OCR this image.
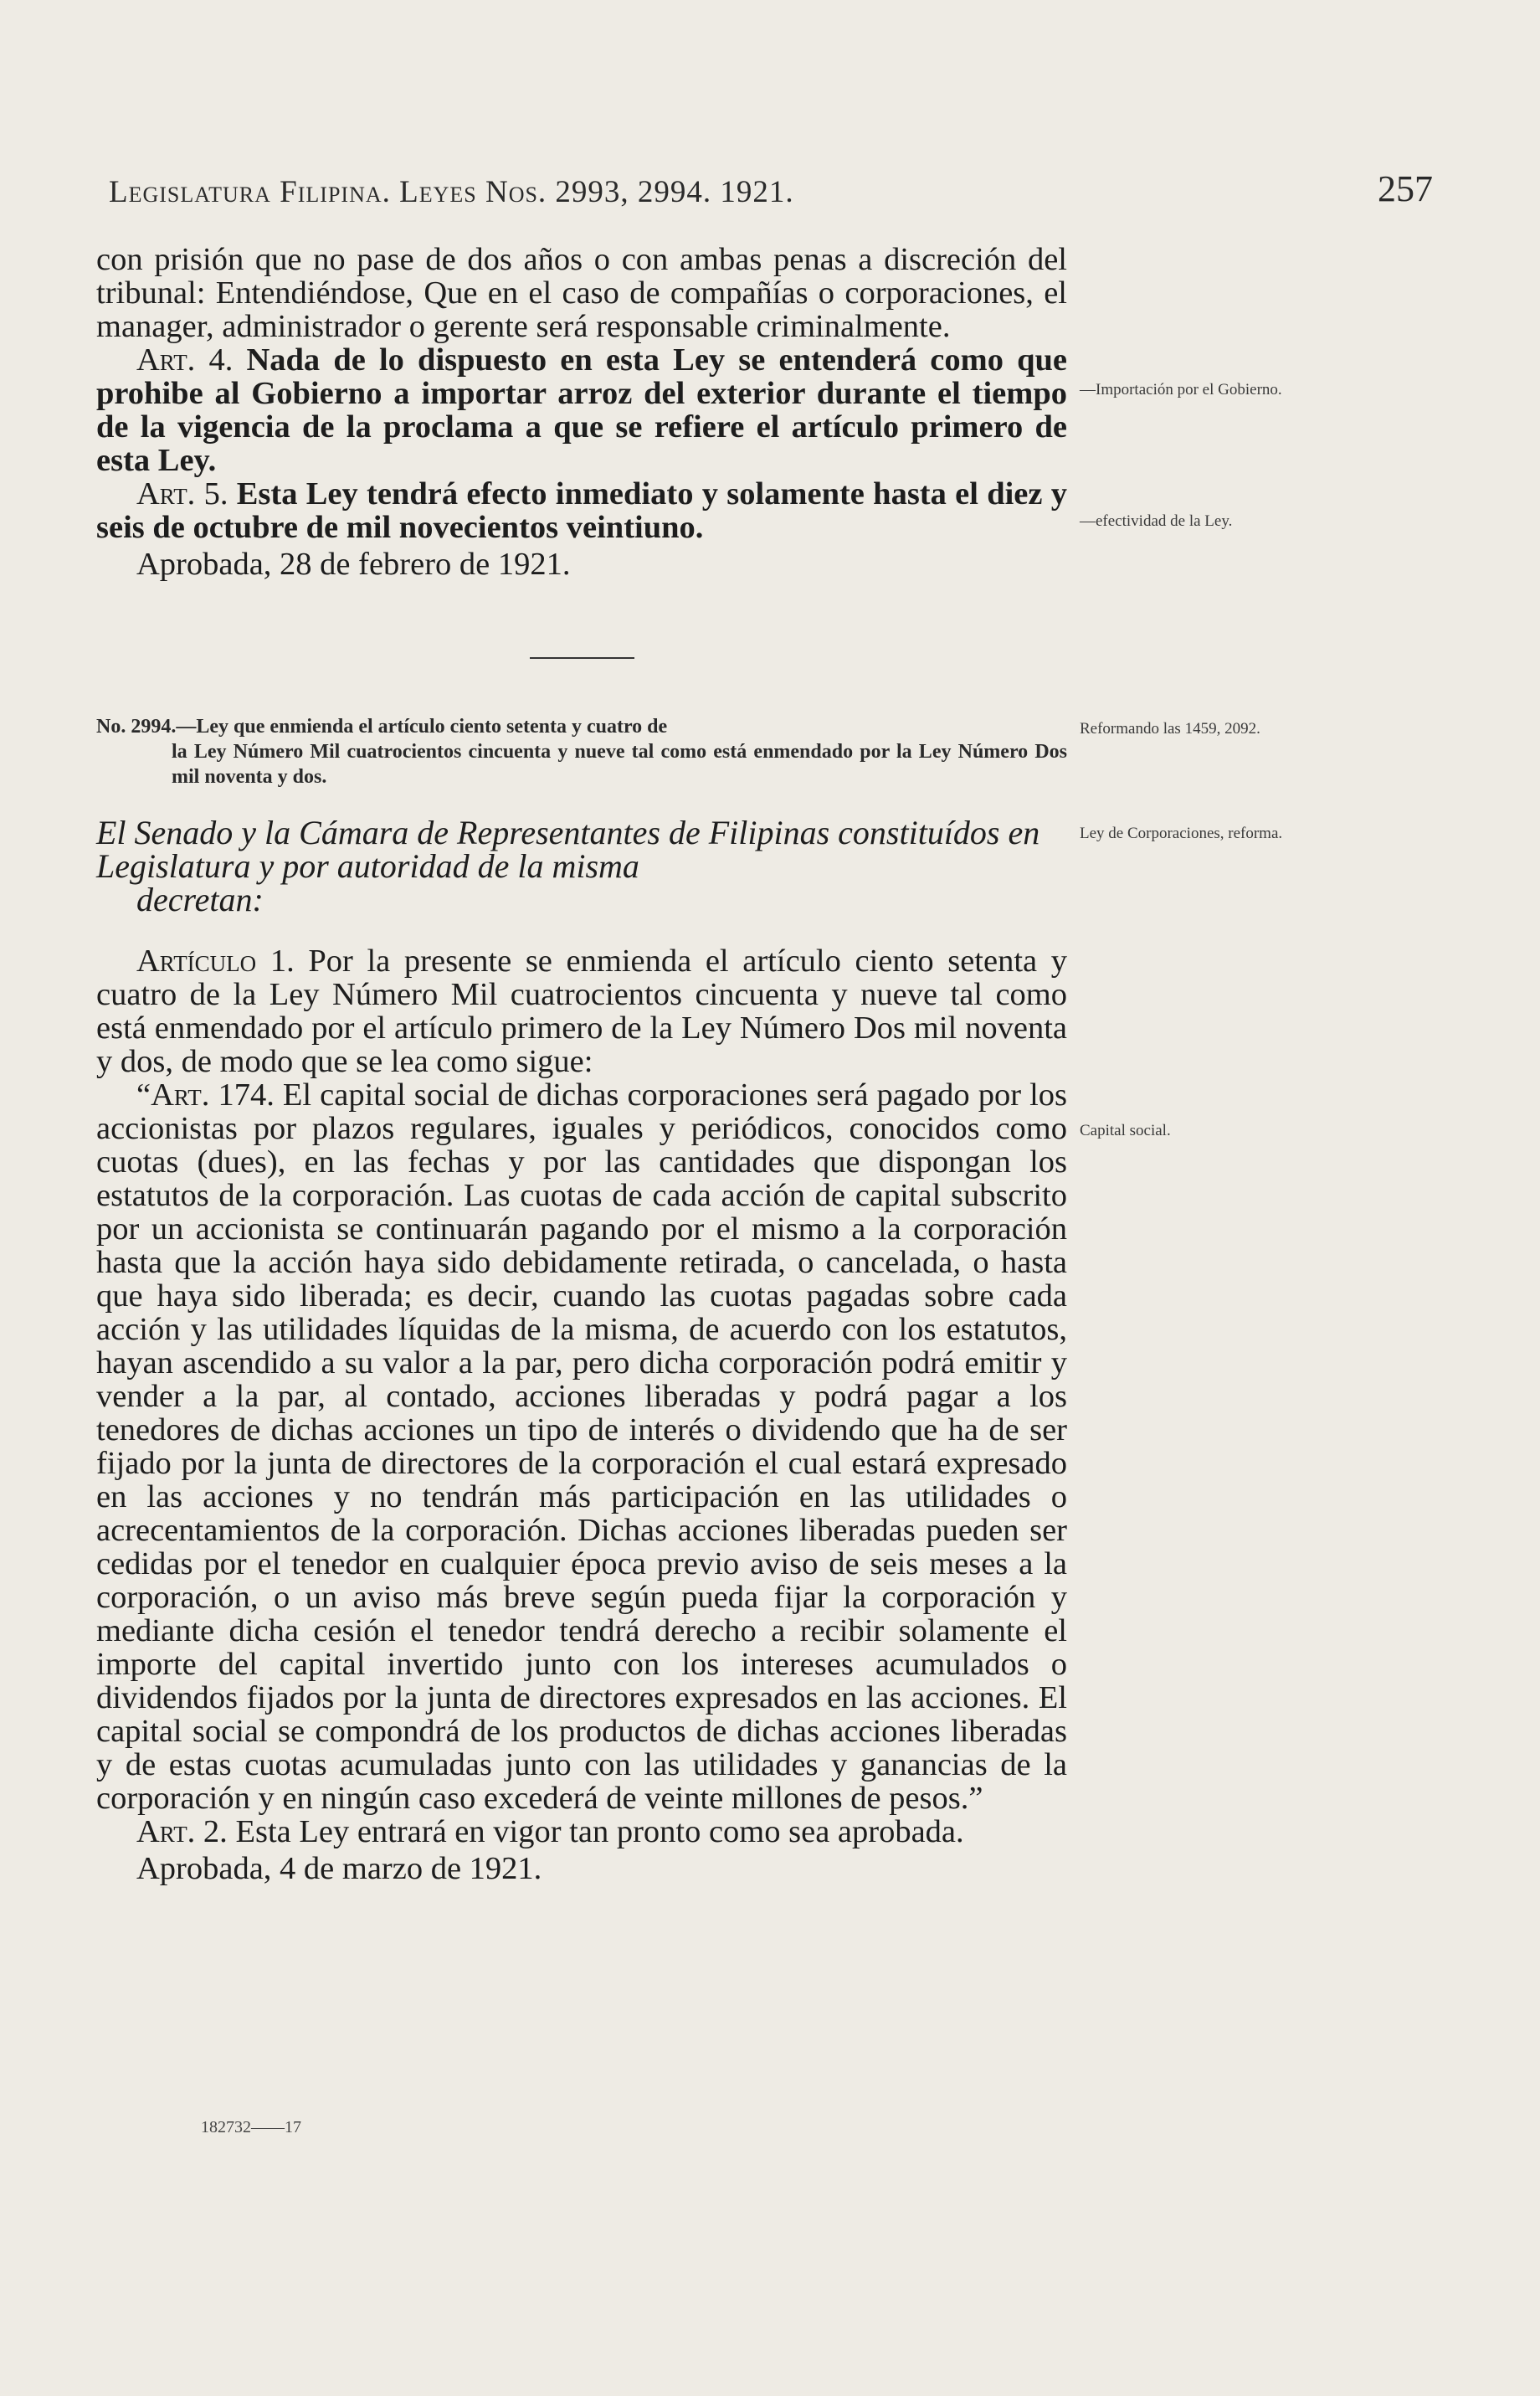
Legislatura Filipina. Leyes Nos. 2993, 2994. 1921.	257

con prisión que no pase de dos años o con ambas penas a discreción del tribunal: Entendiéndose, Que en el caso de compañías o corporaciones, el manager, administrador o gerente será responsable criminalmente.

Art. 4. Nada de lo dispuesto en esta Ley se entenderá como que prohibe al Gobierno a importar arroz del exterior durante el tiempo de la vigencia de la proclama a que se refiere el artículo primero de esta Ley.

Art. 5. Esta Ley tendrá efecto inmediato y solamente hasta el diez y seis de octubre de mil novecientos veintiuno.

Aprobada, 28 de febrero de 1921.

—Importación por el Gobierno.
—efectividad de la Ley.
No. 2994.—Ley que enmienda el artículo ciento setenta y cuatro de
la Ley Número Mil cuatrocientos cincuenta y nueve tal como está enmendado por la Ley Número Dos mil noventa y dos.
Reformando las 1459, 2092.
El Senado y la Cámara de Representantes de Filipinas constituídos en Legislatura y por autoridad de la misma
decretan:
Ley de Corporaciones, reforma.

Artículo 1. Por la presente se enmienda el artículo ciento setenta y cuatro de la Ley Número Mil cuatrocientos cincuenta y nueve tal como está enmendado por el artículo primero de la Ley Número Dos mil noventa y dos, de modo que se lea como sigue:

“Art. 174. El capital social de dichas corporaciones será pagado por los accionistas por plazos regulares, iguales y periódicos, conocidos como cuotas (dues), en las fechas y por las cantidades que dispongan los estatutos de la corporación. Las cuotas de cada acción de capital subscrito por un accionista se continuarán pagando por el mismo a la corporación hasta que la acción haya sido debidamente retirada, o cancelada, o hasta que haya sido liberada; es decir, cuando las cuotas pagadas sobre cada acción y las utilidades líquidas de la misma, de acuerdo con los estatutos, hayan ascendido a su valor a la par, pero dicha corporación podrá emitir y vender a la par, al contado, acciones liberadas y podrá pagar a los tenedores de dichas acciones un tipo de interés o dividendo que ha de ser fijado por la junta de directores de la corporación el cual estará expresado en las acciones y no tendrán más participación en las utilidades o acrecentamientos de la corporación. Dichas acciones liberadas pueden ser cedidas por el tenedor en cualquier época previo aviso de seis meses a la corporación, o un aviso más breve según pueda fijar la corporación y mediante dicha cesión el tenedor tendrá derecho a recibir solamente el importe del capital invertido junto con los intereses acumulados o dividendos fijados por la junta de directores expresados en las acciones. El capital social se compondrá de los productos de dichas acciones liberadas y de estas cuotas acumuladas junto con las utilidades y ganancias de la corporación y en ningún caso excederá de veinte millones de pesos.”

Art. 2. Esta Ley entrará en vigor tan pronto como sea aprobada.

Aprobada, 4 de marzo de 1921.

Capital social.
182732——17
